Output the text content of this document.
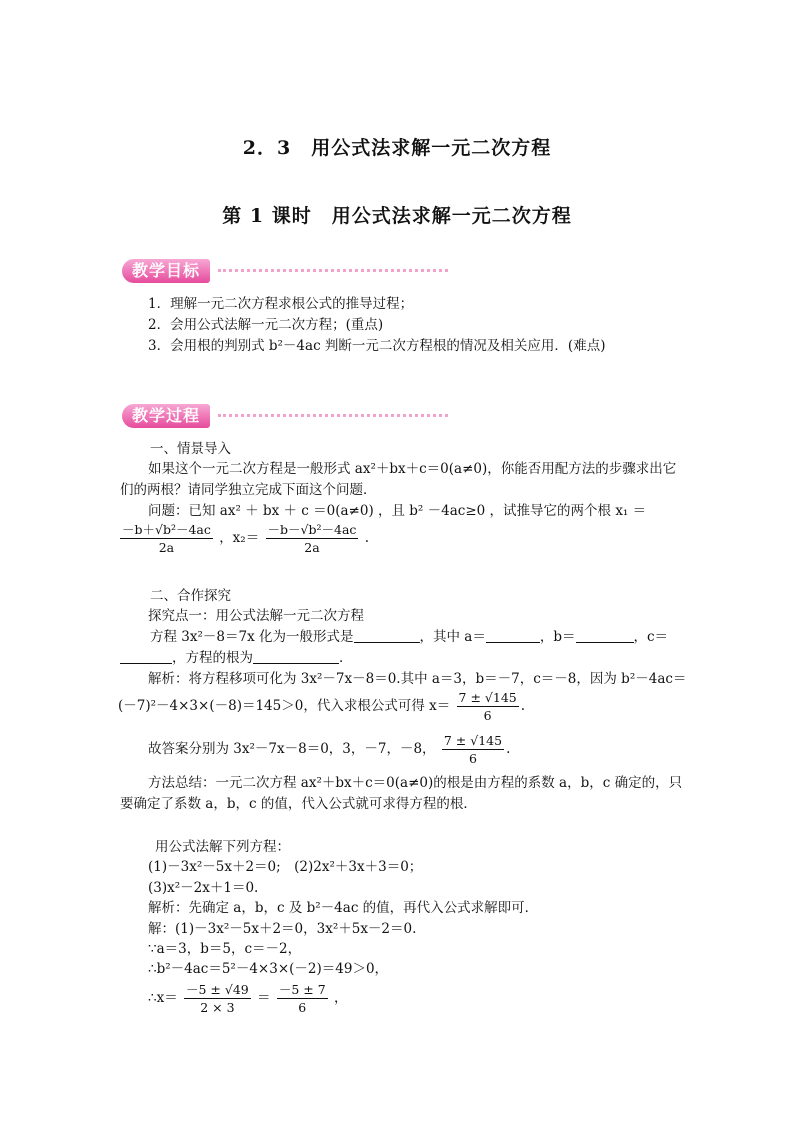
2．3　用公式法求解一元二次方程
第 1 课时　用公式法求解一元二次方程
教学目标
1．理解一元二次方程求根公式的推导过程；
2．会用公式法解一元二次方程；(重点)
3．会用根的判别式 b²－4ac 判断一元二次方程根的情况及相关应用．(难点)
教学过程
一、情景导入
如果这个一元二次方程是一般形式 ax²＋bx＋c＝0(a≠0)，你能否用配方法的步骤求出它
们的两根？请同学独立完成下面这个问题．
问题：已知 ax² ＋ bx ＋ c ＝0(a≠0) ，且 b² －4ac≥0 ，试推导它的两个根 x₁ ＝
$\frac{\text{－b＋√b²－4ac}}{2a}$ ，$x_2= \frac{\text{－b－√b²－4ac}}{2a}$ .
二、合作探究
探究点一：用公式法解一元二次方程
方程 3x²－8＝7x 化为一般形式是	，其中 a＝	，b＝	，c＝
，方程的根为	．
解析：将方程移项可化为 3x²－7x－8＝0.其中 a＝3，b＝－7，c＝－8，因为 b²－4ac＝
(－7)²－4×3×(－8)＝145＞0，代入求根公式可得 $x= \frac{7 \pm √145}{6}$ .
故答案分别为 3x²－7x－8＝0，3，－7，－8， $\frac{7 \pm √145}{6}$ .
方法总结：一元二次方程 ax²＋bx＋c＝0(a≠0)的根是由方程的系数 a，b，c 确定的，只
要确定了系数 a，b，c 的值，代入公式就可求得方程的根．
用公式法解下列方程：
(1)－3x²－5x＋2＝0;　(2)2x²＋3x＋3＝0；
(3)x²－2x＋1＝0.
解析：先确定 a，b，c 及 b²－4ac 的值，再代入公式求解即可．
解：(1)－3x²－5x＋2＝0，3x²＋5x－2＝0.
∵a＝3，b＝5，c＝－2，
∴b²－4ac＝5²－4×3×(－2)＝49＞0，
∴x＝ $\frac{-5 \pm √49}{2 \times 3} = \frac{-5 \pm 7}{6}$ ，
